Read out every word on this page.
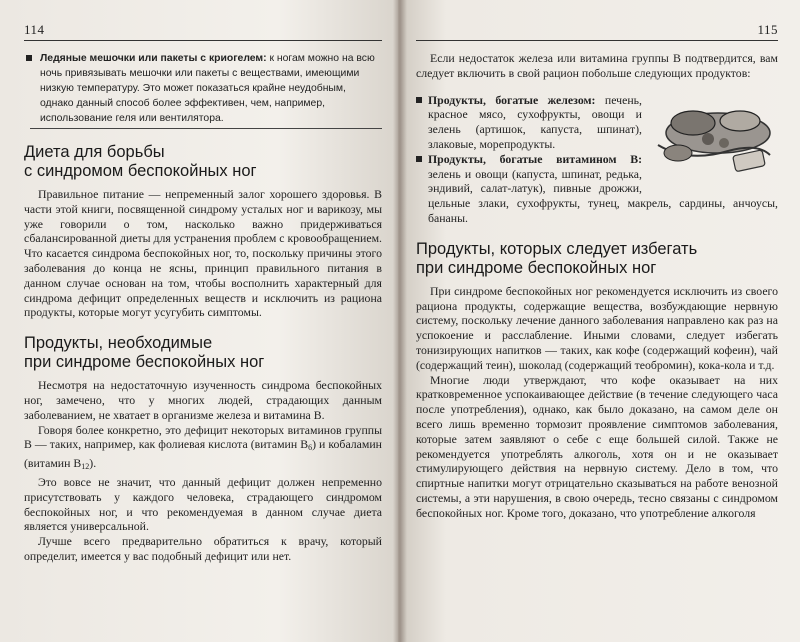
114
Ледяные мешочки или пакеты с криогелем: к ногам можно на всю ночь привязывать мешочки или пакеты с веществами, имеющими низкую температуру. Это может показаться крайне неудобным, однако данный способ более эффективен, чем, например, использование геля или вентилятора.
Диета для борьбы
с синдромом беспокойных ног

Правильное питание — непременный залог хорошего здоровья. В части этой книги, посвященной синдрому усталых ног и варикозу, мы уже говорили о том, насколько важно придерживаться сбалансированной диеты для устранения проблем с кровообращением. Что касается синдрома беспокойных ног, то, поскольку причины этого заболевания до конца не ясны, принцип правильного питания в данном случае основан на том, чтобы восполнить характерный для синдрома дефицит определенных веществ и исключить из рациона продукты, которые могут усугубить симптомы.

Продукты, необходимые
при синдроме беспокойных ног

Несмотря на недостаточную изученность синдрома беспокойных ног, замечено, что у многих людей, страдающих данным заболеванием, не хватает в организме железа и витамина В.

Говоря более конкретно, это дефицит некоторых витаминов группы В — таких, например, как фолиевая кислота (витамин $В_6$) и кобаламин (витамин $В_{12}$).

Это вовсе не значит, что данный дефицит должен непременно присутствовать у каждого человека, страдающего синдромом беспокойных ног, и что рекомендуемая в данном случае диета является универсальной.

Лучше всего предварительно обратиться к врачу, который определит, имеется у вас подобный дефицит или нет.

115

Если недостаток железа или витамина группы В подтвердится, вам следует включить в свой рацион побольше следующих продуктов:

Продукты, богатые железом: печень, красное мясо, сухофрукты, овощи и зелень (артишок, капуста, шпинат), злаковые, морепродукты.
Продукты, богатые витамином В: зелень и овощи (капуста, шпинат, редька, эндивий, салат-латук), пивные дрожжи, цельные злаки, сухофрукты, тунец, макрель, сардины, анчоусы, бананы.
Продукты, которых следует избегать
при синдроме беспокойных ног

При синдроме беспокойных ног рекомендуется исключить из своего рациона продукты, содержащие вещества, возбуждающие нервную систему, поскольку лечение данного заболевания направлено как раз на успокоение и расслабление. Иными словами, следует избегать тонизирующих напитков — таких, как кофе (содержащий кофеин), чай (содержащий теин), шоколад (содержащий теобромин), кока-кола и т.д.

Многие люди утверждают, что кофе оказывает на них кратковременное успокаивающее действие (в течение следующего часа после употребления), однако, как было доказано, на самом деле он всего лишь временно тормозит проявление симптомов заболевания, которые затем заявляют о себе с еще большей силой. Также не рекомендуется употреблять алкоголь, хотя он и не оказывает стимулирующего действия на нервную систему. Дело в том, что спиртные напитки могут отрицательно сказываться на работе венозной системы, а эти нарушения, в свою очередь, тесно связаны с синдромом беспокойных ног. Кроме того, доказано, что употребление алкоголя
